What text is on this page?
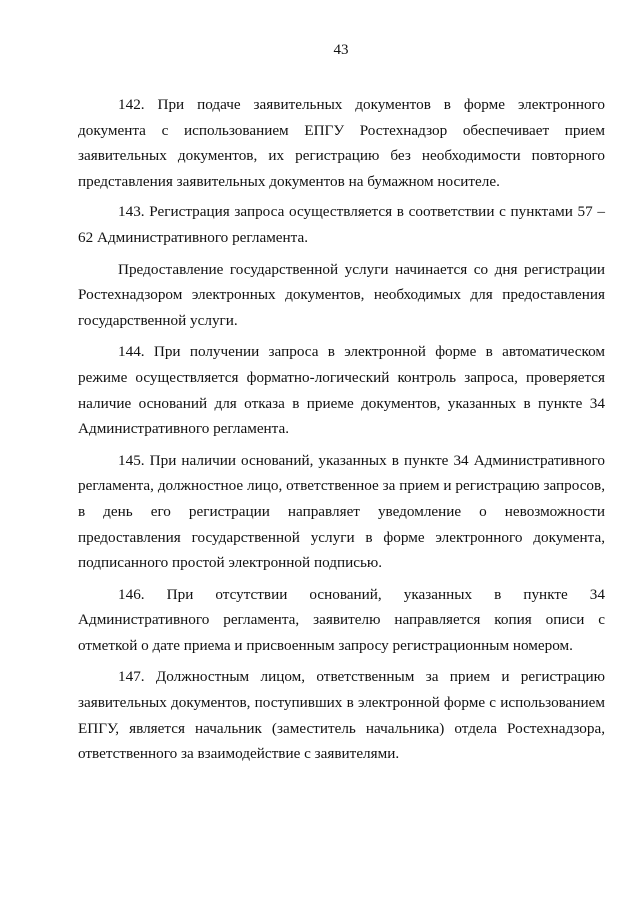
43

142. При подаче заявительных документов в форме электронного документа с использованием ЕПГУ Ростехнадзор обеспечивает прием заявительных документов, их регистрацию без необходимости повторного представления заявительных документов на бумажном носителе.

143. Регистрация запроса осуществляется в соответствии с пунктами 57 – 62 Административного регламента.

Предоставление государственной услуги начинается со дня регистрации Ростехнадзором электронных документов, необходимых для предоставления государственной услуги.

144. При получении запроса в электронной форме в автоматическом режиме осуществляется форматно-логический контроль запроса, проверяется наличие оснований для отказа в приеме документов, указанных в пункте 34 Административного регламента.

145. При наличии оснований, указанных в пункте 34 Административного регламента, должностное лицо, ответственное за прием и регистрацию запросов, в день его регистрации направляет уведомление о невозможности предоставления государственной услуги в форме электронного документа, подписанного простой электронной подписью.

146. При отсутствии оснований, указанных в пункте 34 Административного регламента, заявителю направляется копия описи с отметкой о дате приема и присвоенным запросу регистрационным номером.

147. Должностным лицом, ответственным за прием и регистрацию заявительных документов, поступивших в электронной форме с использованием ЕПГУ, является начальник (заместитель начальника) отдела Ростехнадзора, ответственного за взаимодействие с заявителями.
